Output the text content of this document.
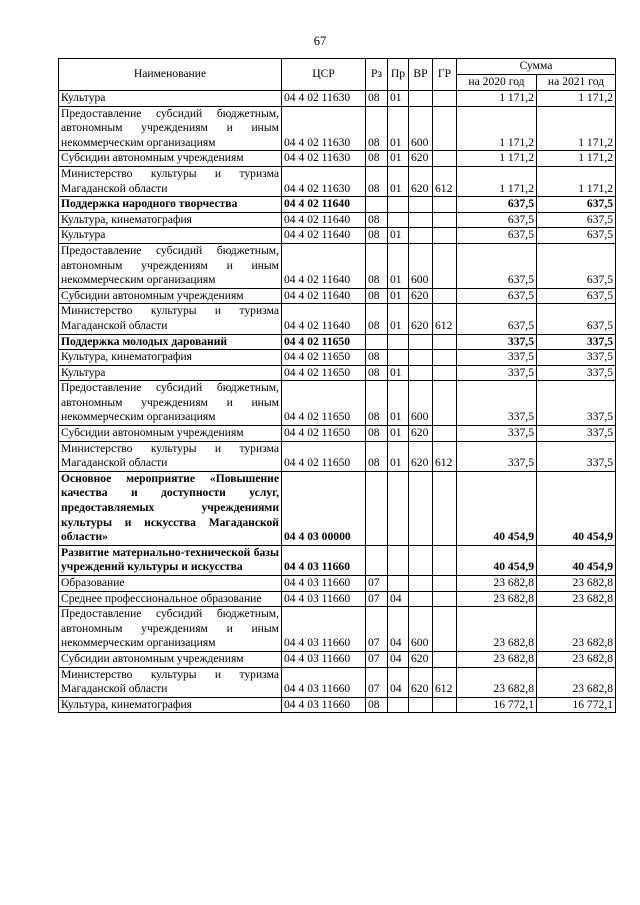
67
Наименование	ЦСР	Рз	Пр	ВР	ГР	Сумма	
						на 2020 год	на 2021 год
Культура	04 4 02 11630	08	01			1 171,2	1 171,2
Предоставление субсидий бюджетным, автономным учреждениям и иным некоммерческим организациям	04 4 02 11630	08	01	600		1 171,2	1 171,2
Субсидии автономным учреждениям	04 4 02 11630	08	01	620		1 171,2	1 171,2
Министерство культуры и туризма Магаданской области	04 4 02 11630	08	01	620	612	1 171,2	1 171,2
Поддержка народного творчества	04 4 02 11640					637,5	637,5
Культура, кинематография	04 4 02 11640	08				637,5	637,5
Культура	04 4 02 11640	08	01			637,5	637,5
Предоставление субсидий бюджетным, автономным учреждениям и иным некоммерческим организациям	04 4 02 11640	08	01	600		637,5	637,5
Субсидии автономным учреждениям	04 4 02 11640	08	01	620		637,5	637,5
Министерство культуры и туризма Магаданской области	04 4 02 11640	08	01	620	612	637,5	637,5
Поддержка молодых дарований	04 4 02 11650					337,5	337,5
Культура, кинематография	04 4 02 11650	08				337,5	337,5
Культура	04 4 02 11650	08	01			337,5	337,5
Предоставление субсидий бюджетным, автономным учреждениям и иным некоммерческим организациям	04 4 02 11650	08	01	600		337,5	337,5
Субсидии автономным учреждениям	04 4 02 11650	08	01	620		337,5	337,5
Министерство культуры и туризма Магаданской области	04 4 02 11650	08	01	620	612	337,5	337,5
Основное мероприятие «Повышение качества и доступности услуг, предоставляемых учреждениями культуры и искусства Магаданской области»	04 4 03 00000					40 454,9	40 454,9
Развитие материально-технической базы учреждений культуры и искусства	04 4 03 11660					40 454,9	40 454,9
Образование	04 4 03 11660	07				23 682,8	23 682,8
Среднее профессиональное образование	04 4 03 11660	07	04			23 682,8	23 682,8
Предоставление субсидий бюджетным, автономным учреждениям и иным некоммерческим организациям	04 4 03 11660	07	04	600		23 682,8	23 682,8
Субсидии автономным учреждениям	04 4 03 11660	07	04	620		23 682,8	23 682,8
Министерство культуры и туризма Магаданской области	04 4 03 11660	07	04	620	612	23 682,8	23 682,8
Культура, кинематография	04 4 03 11660	08				16 772,1	16 772,1
